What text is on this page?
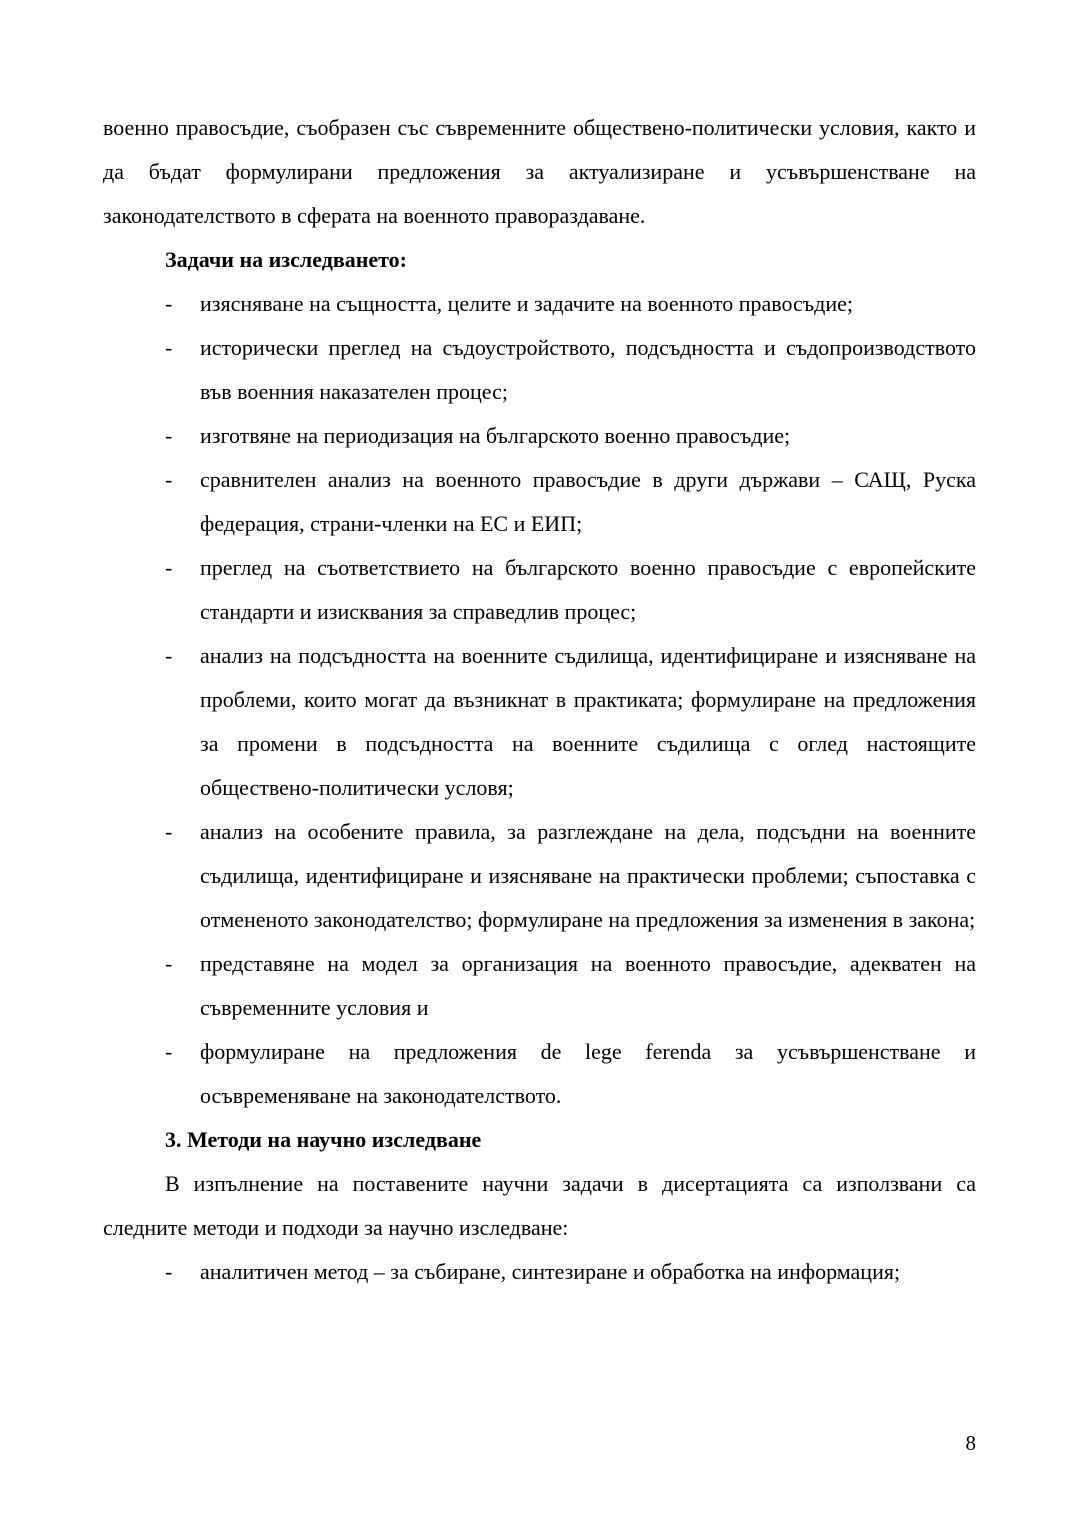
военно правосъдие, съобразен със съвременните обществено-политически условия, както и да бъдат формулирани предложения за актуализиране и усъвършенстване на законодателството в сферата на военното правораздаване.

Задачи на изследването:

- изясняване на същността, целите и задачите на военното правосъдие;
- исторически преглед на съдоустройството, подсъдността и съдопроизводството във военния наказателен процес;
- изготвяне на периодизация на българското военно правосъдие;
- сравнителен анализ на военното правосъдие в други държави – САЩ, Руска федерация, страни-членки на ЕС и ЕИП;
- преглед на съответствието на българското военно правосъдие с европейските стандарти и изисквания за справедлив процес;
- анализ на подсъдността на военните съдилища, идентифициране и изясняване на проблеми, които могат да възникнат в практиката; формулиране на предложения за промени в подсъдността на военните съдилища с оглед настоящите обществено-политически условя;
- анализ на особените правила, за разглеждане на дела, подсъдни на военните съдилища, идентифициране и изясняване на практически проблеми; съпоставка с отмененото законодателство; формулиране на предложения за изменения в закона;
- представяне на модел за организация на военното правосъдие, адекватен на съвременните условия и
- формулиране на предложения de lege ferenda за усъвършенстване и осъвременяване на законодателството.

3. Методи на научно изследване

В изпълнение на поставените научни задачи в дисертацията са използвани са следните методи и подходи за научно изследване:

- аналитичен метод – за събиране, синтезиране и обработка на информация;
8
